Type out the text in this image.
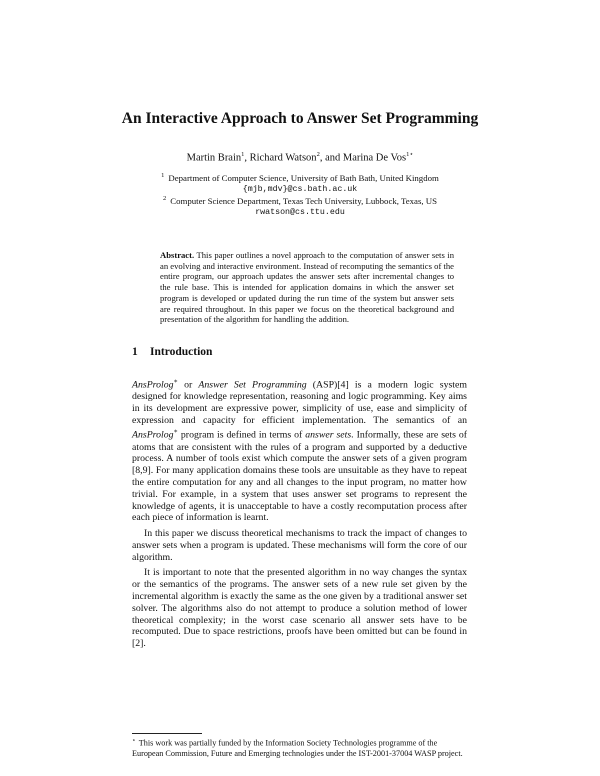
An Interactive Approach to Answer Set Programming
Martin Brain$^1$, Richard Watson$^2$, and Marina De Vos$^{1⋆}$
$^1$ Department of Computer Science, University of Bath Bath, United Kingdom
{mjb,mdv}@cs.bath.ac.uk
$^2$ Computer Science Department, Texas Tech University, Lubbock, Texas, US
rwatson@cs.ttu.edu
Abstract. This paper outlines a novel approach to the computation of answer sets in an evolving and interactive environment. Instead of recomputing the semantics of the entire program, our approach updates the answer sets after incremental changes to the rule base. This is intended for application domains in which the answer set program is developed or updated during the run time of the system but answer sets are required throughout. In this paper we focus on the theoretical background and presentation of the algorithm for handling the addition.
1 Introduction

AnsProlog∗ or Answer Set Programming (ASP)[4] is a modern logic system designed for knowledge representation, reasoning and logic programming. Key aims in its development are expressive power, simplicity of use, ease and simplicity of expression and capacity for efficient implementation. The semantics of an AnsProlog∗ program is defined in terms of answer sets. Informally, these are sets of atoms that are consistent with the rules of a program and supported by a deductive process. A number of tools exist which compute the answer sets of a given program [8,9]. For many application domains these tools are unsuitable as they have to repeat the entire computation for any and all changes to the input program, no matter how trivial. For example, in a system that uses answer set programs to represent the knowledge of agents, it is unacceptable to have a costly recomputation process after each piece of information is learnt.

In this paper we discuss theoretical mechanisms to track the impact of changes to answer sets when a program is updated. These mechanisms will form the core of our algorithm.

It is important to note that the presented algorithm in no way changes the syntax or the semantics of the programs. The answer sets of a new rule set given by the incremental algorithm is exactly the same as the one given by a traditional answer set solver. The algorithms also do not attempt to produce a solution method of lower theoretical complexity; in the worst case scenario all answer sets have to be recomputed. Due to space restrictions, proofs have been omitted but can be found in [2].

⋆ This work was partially funded by the Information Society Technologies programme of the European Commission, Future and Emerging technologies under the IST-2001-37004 WASP project.
